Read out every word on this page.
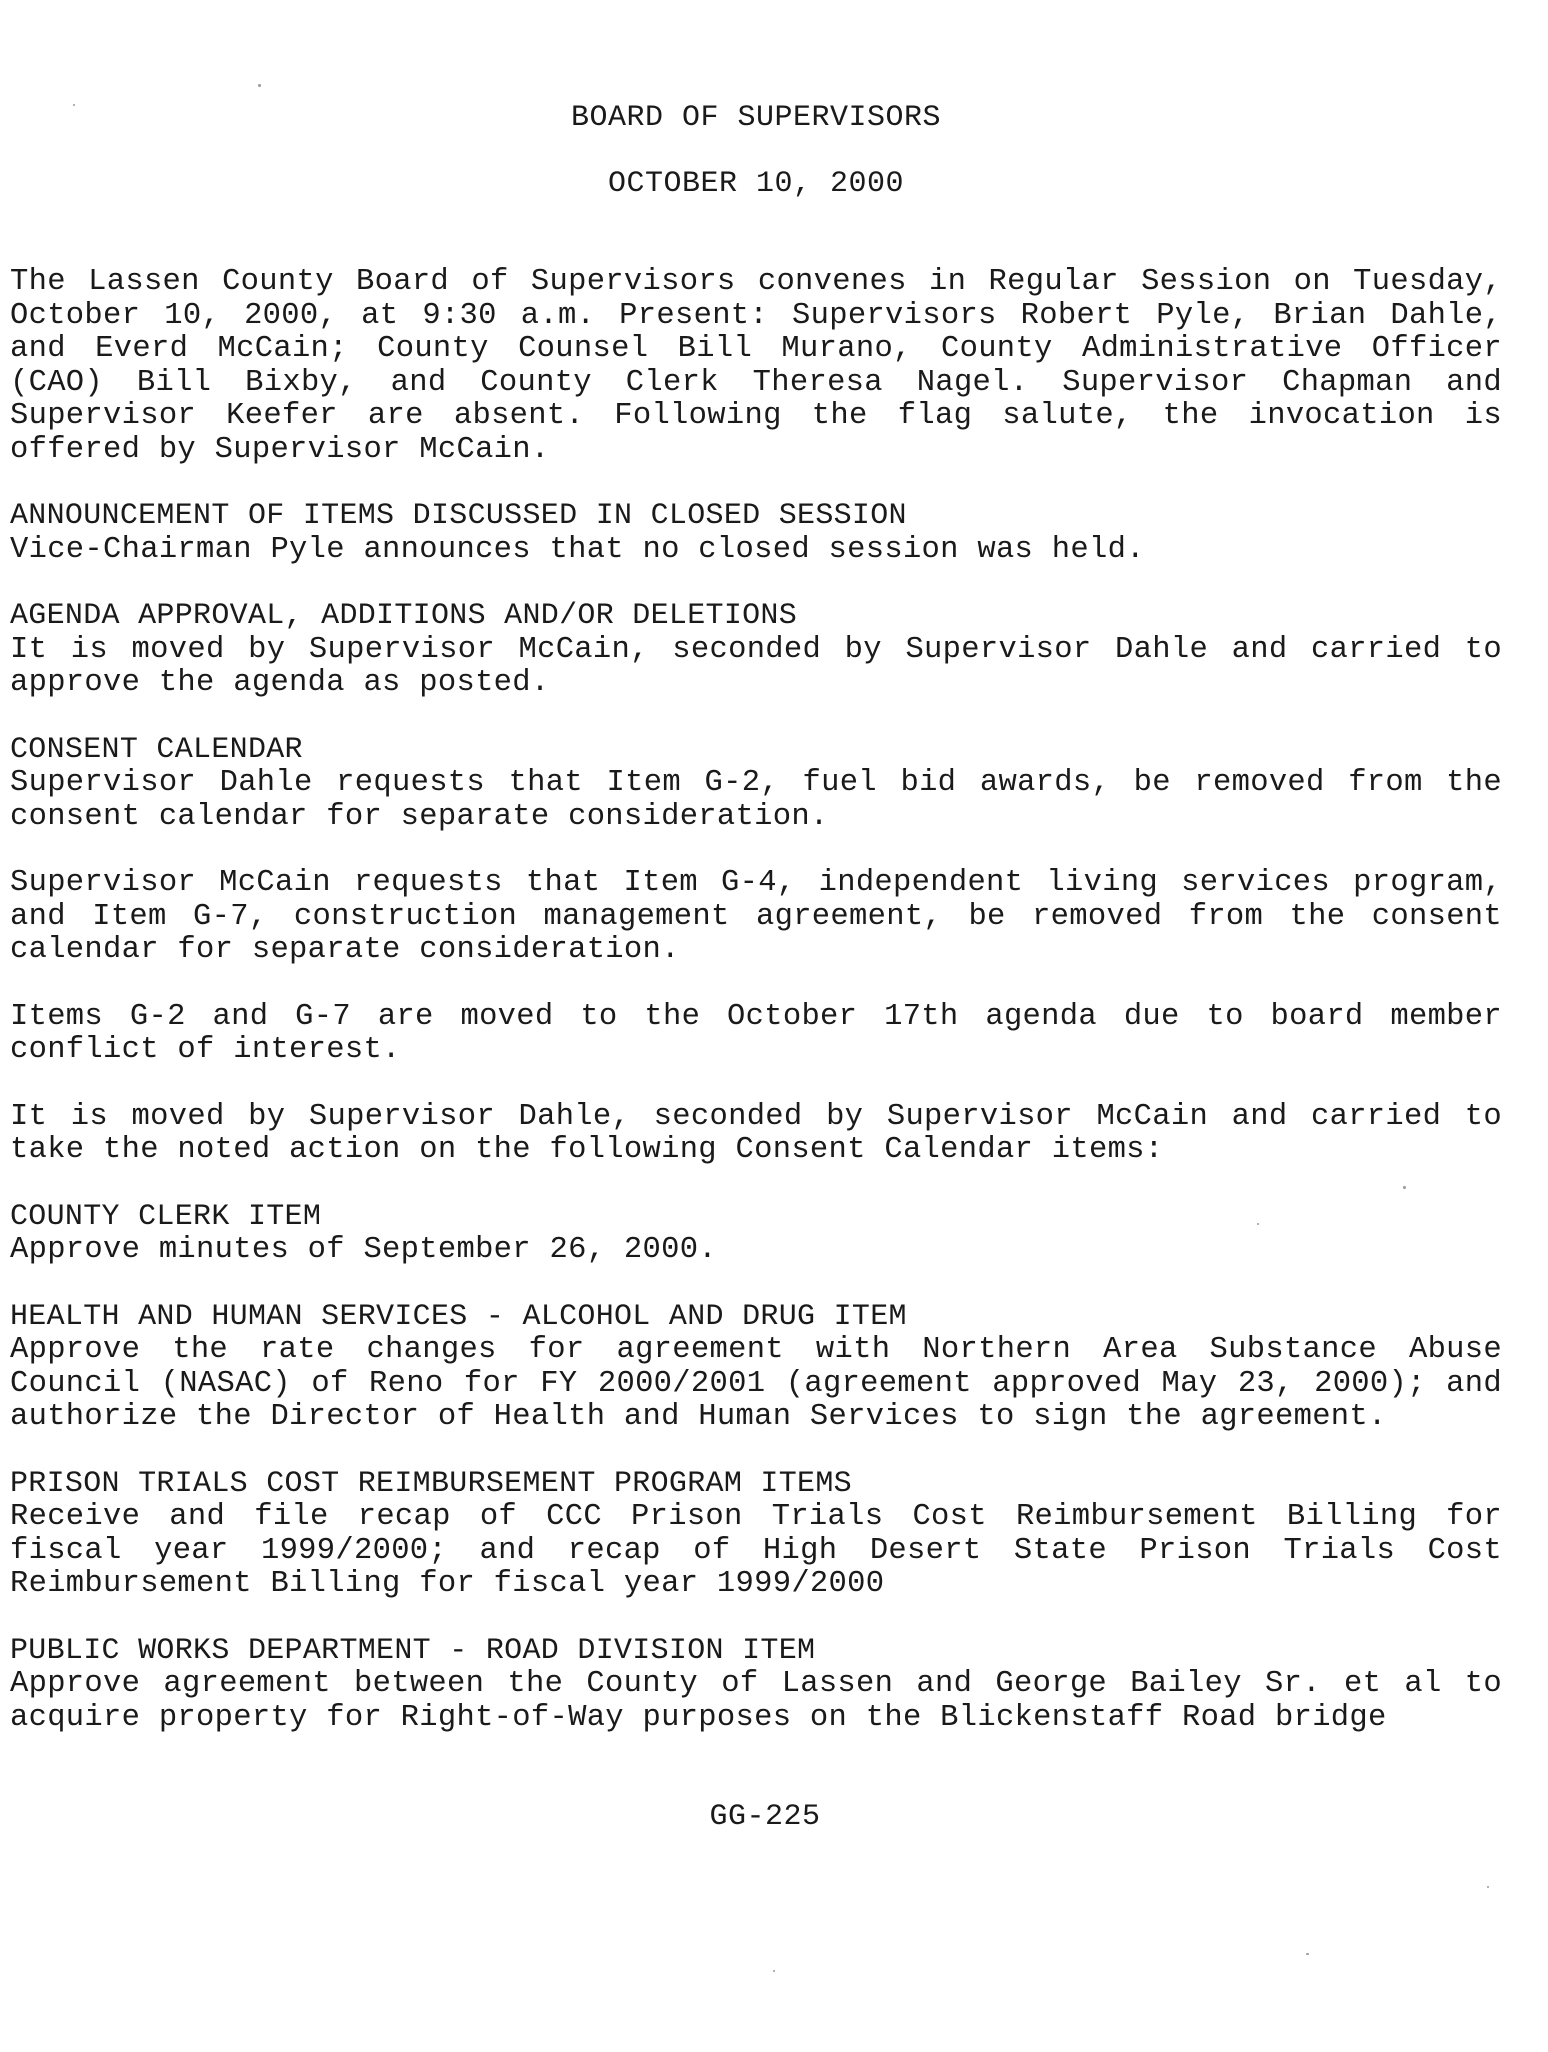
BOARD OF SUPERVISORS
OCTOBER 10, 2000

The Lassen County Board of Supervisors convenes in Regular Session on Tuesday, October 10, 2000, at 9:30 a.m. Present: Supervisors Robert Pyle, Brian Dahle, and Everd McCain; County Counsel Bill Murano, County Administrative Officer (CAO) Bill Bixby, and County Clerk Theresa Nagel. Supervisor Chapman and Supervisor Keefer are absent. Following the flag salute, the invocation is offered by Supervisor McCain.

ANNOUNCEMENT OF ITEMS DISCUSSED IN CLOSED SESSION

Vice-Chairman Pyle announces that no closed session was held.

AGENDA APPROVAL, ADDITIONS AND/OR DELETIONS

It is moved by Supervisor McCain, seconded by Supervisor Dahle and carried to approve the agenda as posted.

CONSENT CALENDAR

Supervisor Dahle requests that Item G-2, fuel bid awards, be removed from the consent calendar for separate consideration.

Supervisor McCain requests that Item G-4, independent living services program, and Item G-7, construction management agreement, be removed from the consent calendar for separate consideration.

Items G-2 and G-7 are moved to the October 17th agenda due to board member conflict of interest.

It is moved by Supervisor Dahle, seconded by Supervisor McCain and carried to take the noted action on the following Consent Calendar items:

COUNTY CLERK ITEM

Approve minutes of September 26, 2000.

HEALTH AND HUMAN SERVICES - ALCOHOL AND DRUG ITEM

Approve the rate changes for agreement with Northern Area Substance Abuse Council (NASAC) of Reno for FY 2000/2001 (agreement approved May 23, 2000); and authorize the Director of Health and Human Services to sign the agreement.

PRISON TRIALS COST REIMBURSEMENT PROGRAM ITEMS

Receive and file recap of CCC Prison Trials Cost Reimbursement Billing for fiscal year 1999/2000; and recap of High Desert State Prison Trials Cost Reimbursement Billing for fiscal year 1999/2000

PUBLIC WORKS DEPARTMENT - ROAD DIVISION ITEM

Approve agreement between the County of Lassen and George Bailey Sr. et al to acquire property for Right-of-Way purposes on the Blickenstaff Road bridge

GG-225
